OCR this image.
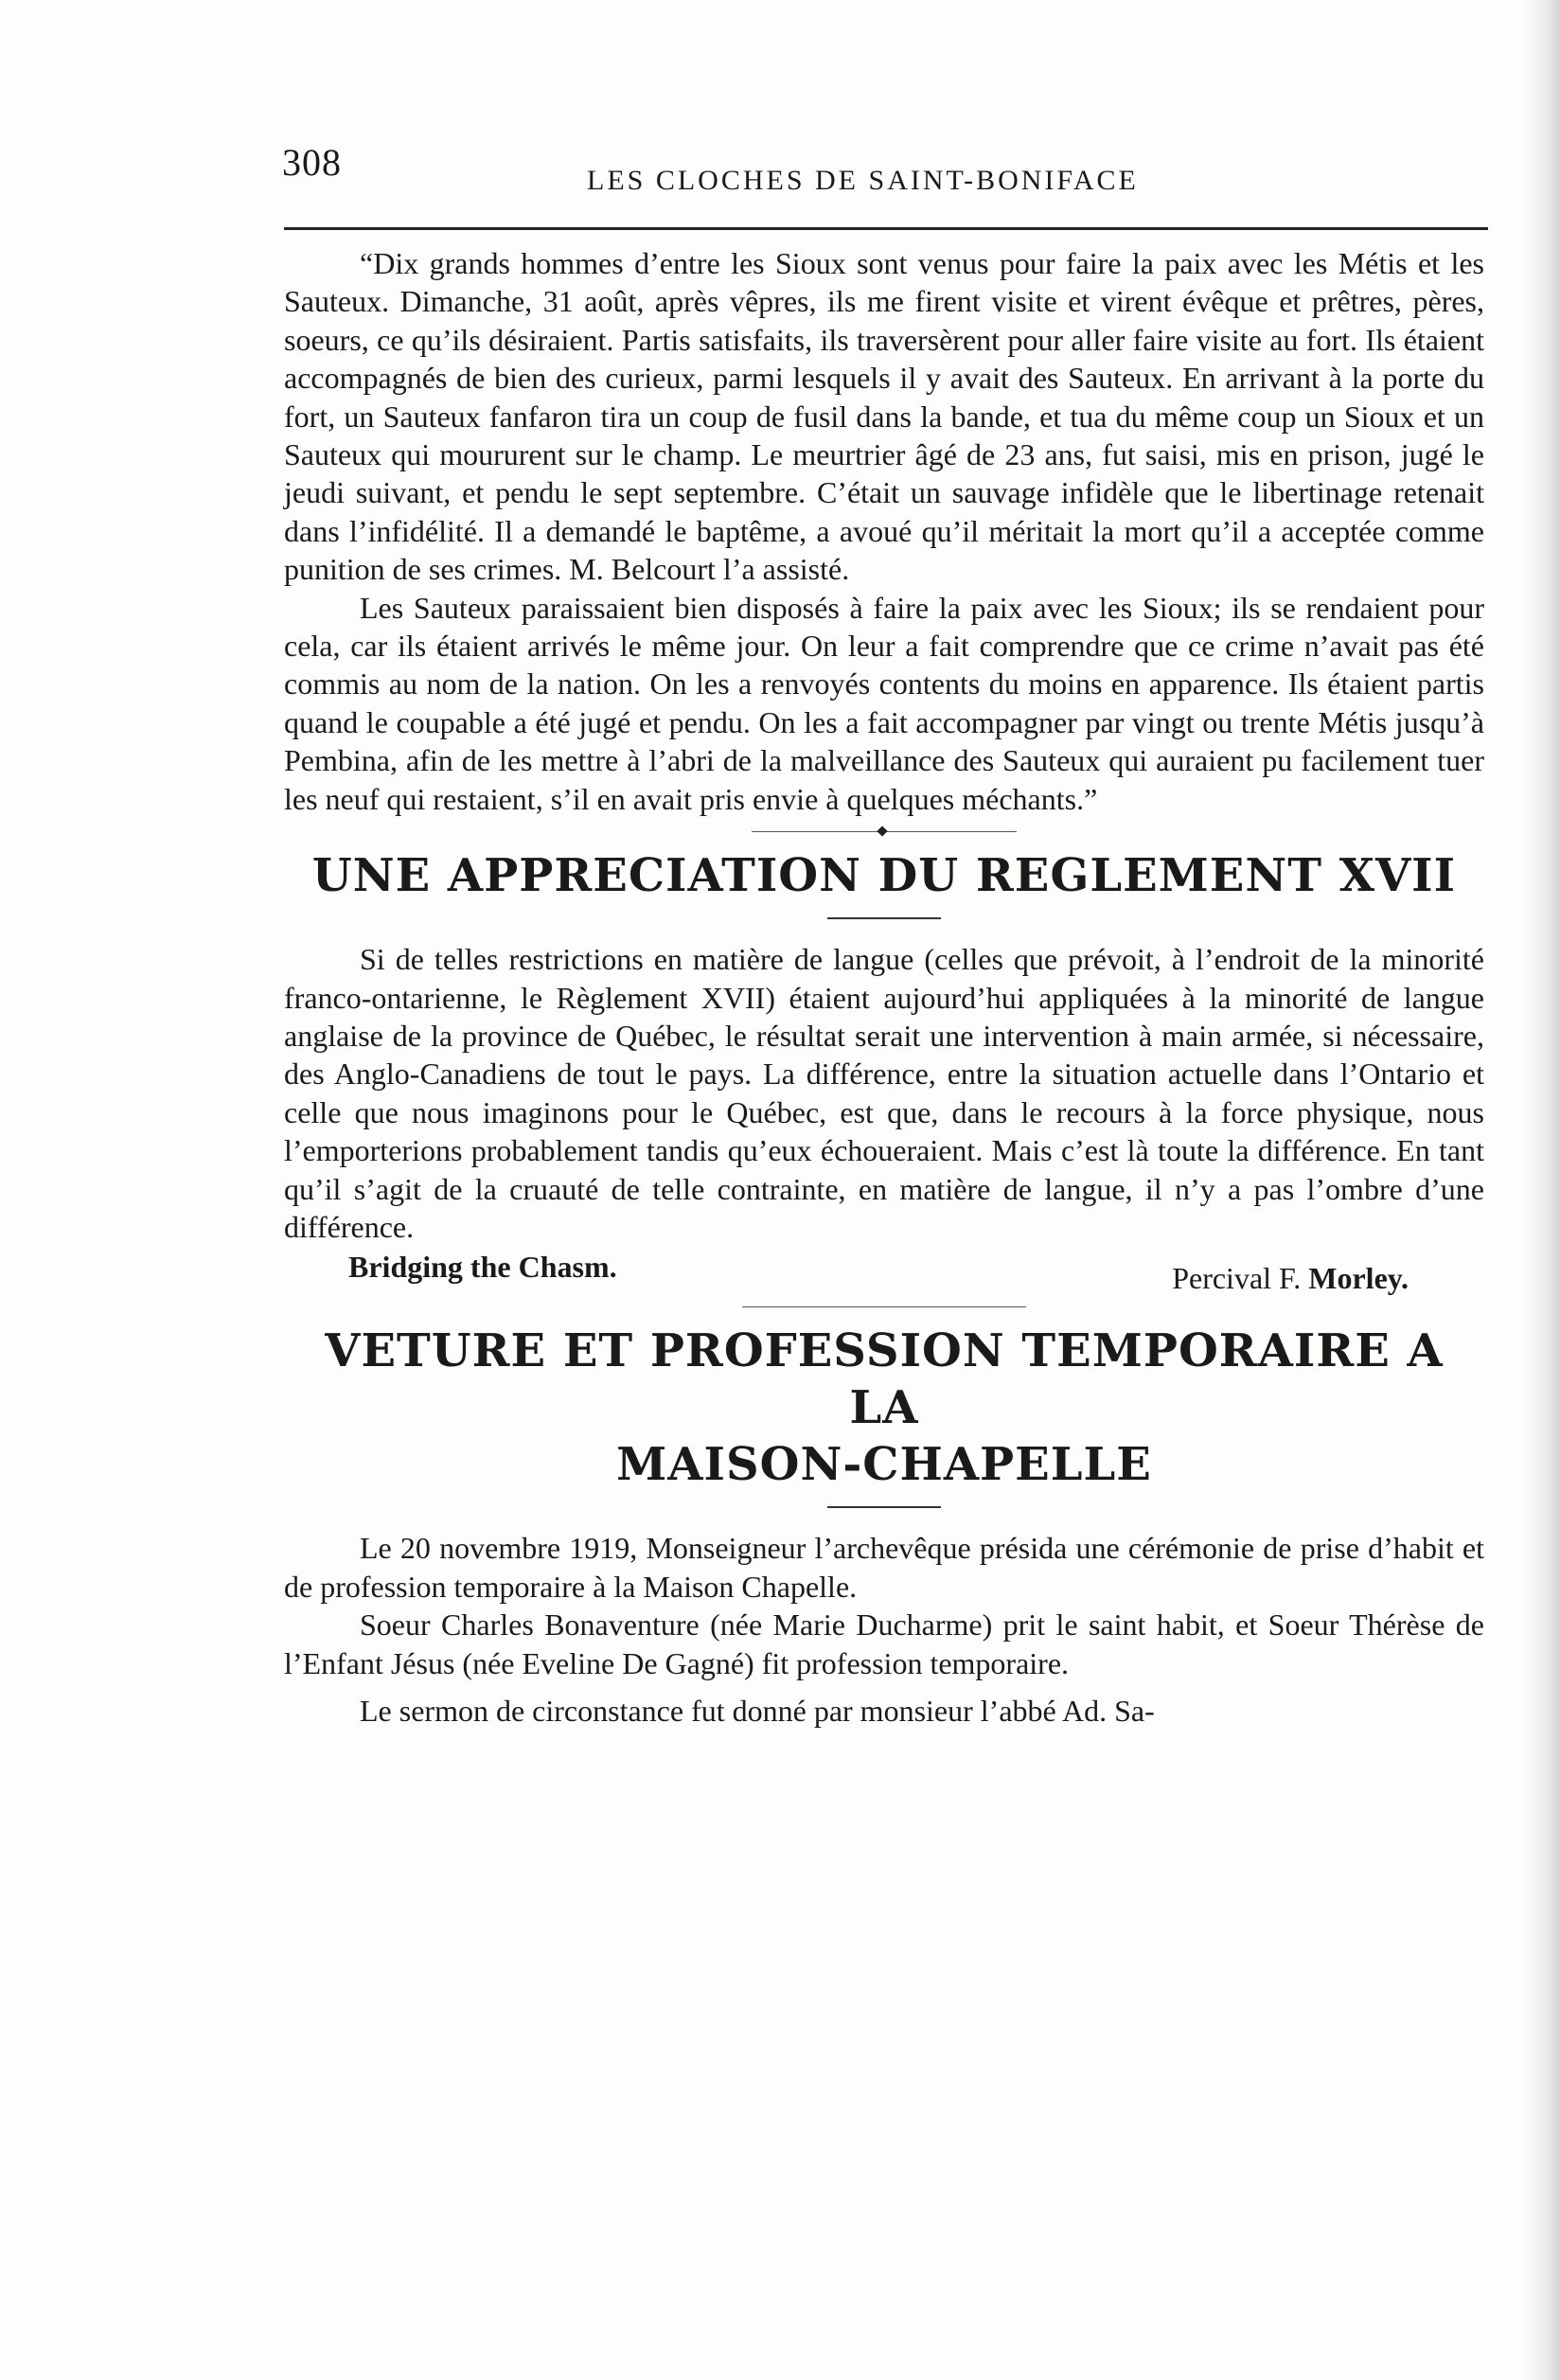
308	LES CLOCHES DE SAINT-BONIFACE

“Dix grands hommes d’entre les Sioux sont venus pour faire la paix avec les Métis et les Sauteux. Dimanche, 31 août, après vêpres, ils me firent visite et virent évêque et prêtres, pères, soeurs, ce qu’ils désiraient. Partis satisfaits, ils traversèrent pour aller faire visite au fort. Ils étaient accompagnés de bien des curieux, parmi lesquels il y avait des Sauteux. En arrivant à la porte du fort, un Sauteux fanfaron tira un coup de fusil dans la bande, et tua du même coup un Sioux et un Sauteux qui moururent sur le champ. Le meurtrier âgé de 23 ans, fut saisi, mis en prison, jugé le jeudi suivant, et pendu le sept septembre. C’était un sauvage infidèle que le libertinage retenait dans l’infidélité. Il a demandé le baptême, a avoué qu’il méritait la mort qu’il a acceptée comme punition de ses crimes. M. Belcourt l’a assisté.

Les Sauteux paraissaient bien disposés à faire la paix avec les Sioux; ils se rendaient pour cela, car ils étaient arrivés le même jour. On leur a fait comprendre que ce crime n’avait pas été commis au nom de la nation. On les a renvoyés contents du moins en apparence. Ils étaient partis quand le coupable a été jugé et pendu. On les a fait accompagner par vingt ou trente Métis jusqu’à Pembina, afin de les mettre à l’abri de la malveillance des Sauteux qui auraient pu facilement tuer les neuf qui restaient, s’il en avait pris envie à quelques méchants.”

UNE APPRECIATION DU REGLEMENT XVII

Si de telles restrictions en matière de langue (celles que prévoit, à l’endroit de la minorité franco-ontarienne, le Règlement XVII) étaient aujourd’hui appliquées à la minorité de langue anglaise de la province de Québec, le résultat serait une intervention à main armée, si nécessaire, des Anglo-Canadiens de tout le pays. La différence, entre la situation actuelle dans l’Ontario et celle que nous imaginons pour le Québec, est que, dans le recours à la force physique, nous l’emporterions probablement tandis qu’eux échoueraient. Mais c’est là toute la différence. En tant qu’il s’agit de la cruauté de telle contrainte, en matière de langue, il n’y a pas l’ombre d’une différence.

Bridging the Chasm.	Percival F. Morley.
VETURE ET PROFESSION TEMPORAIRE A LA
MAISON-CHAPELLE

Le 20 novembre 1919, Monseigneur l’archevêque présida une cérémonie de prise d’habit et de profession temporaire à la Maison Chapelle.

Soeur Charles Bonaventure (née Marie Ducharme) prit le saint habit, et Soeur Thérèse de l’Enfant Jésus (née Eveline De Gagné) fit profession temporaire.

Le sermon de circonstance fut donné par monsieur l’abbé Ad. Sa-
